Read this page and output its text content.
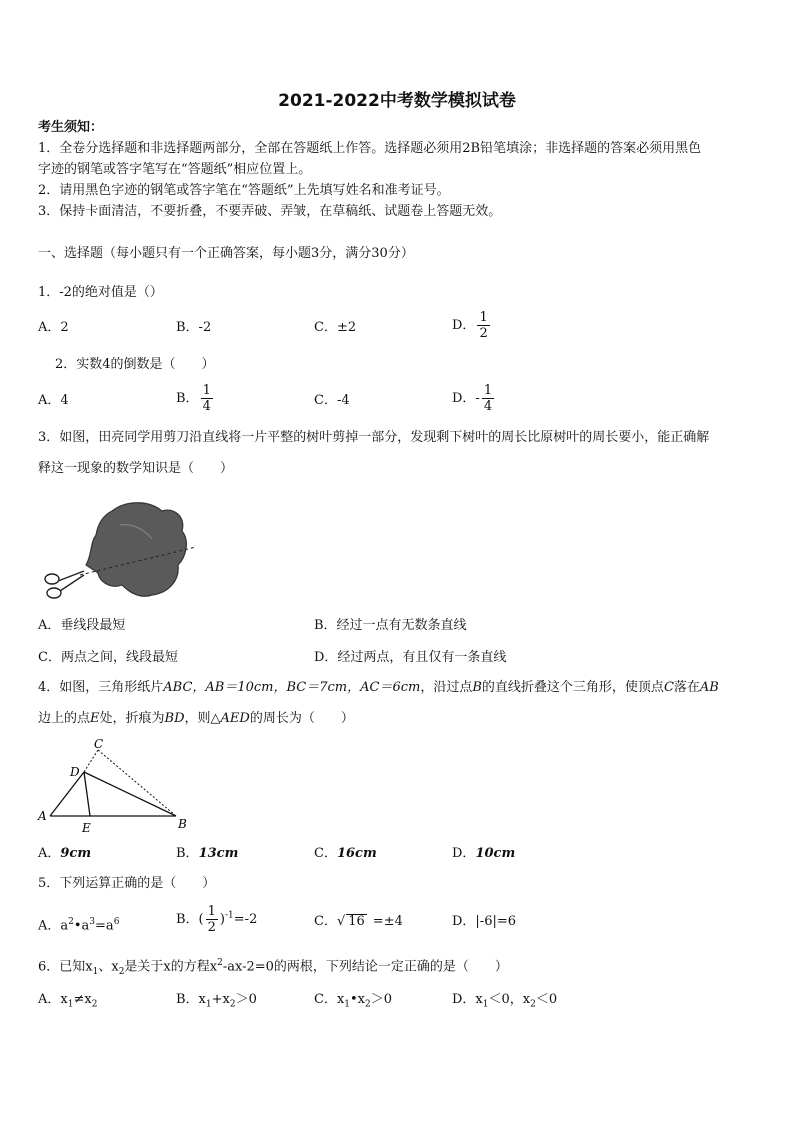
2021-2022中考数学模拟试卷
考生须知：
1．全卷分选择题和非选择题两部分，全部在答题纸上作答。选择题必须用2B铅笔填涂；非选择题的答案必须用黑色
字迹的钢笔或答字笔写在“答题纸”相应位置上。
2．请用黑色字迹的钢笔或答字笔在“答题纸”上先填写姓名和准考证号。
3．保持卡面清洁，不要折叠，不要弄破、弄皱，在草稿纸、试题卷上答题无效。
一、选择题（每小题只有一个正确答案，每小题3分，满分30分）
1．-2的绝对值是（）
A．2	B．-2	C．±2	D． $\frac{1}{2}$
2．实数4的倒数是（　　）
A．4	B． $\frac{1}{4}$	C．-4	D．- $\frac{1}{4}$
3．如图，田亮同学用剪刀沿直线将一片平整的树叶剪掉一部分，发现剩下树叶的周长比原树叶的周长要小，能正确解
释这一现象的数学知识是（　　）
A．垂线段最短	B．经过一点有无数条直线
C．两点之间，线段最短	D．经过两点，有且仅有一条直线
4．如图，三角形纸片ABC，AB＝10cm，BC＝7cm，AC＝6cm，沿过点B的直线折叠这个三角形，使顶点C落在AB
边上的点E处，折痕为BD，则△AED的周长为（　　）
A
B
C
D
E
A．9cm	B．13cm	C．16cm	D．10cm
5．下列运算正确的是（　　）
A．$a^2•a^3=a^6$	B．( $\frac{1}{2} )^{-1}=-2$	C．√ 16 =±4	D．|-6|=6
6．已知$x_1$、$x_2$是关于x的方程$x^2-ax-2=0$的两根，下列结论一定正确的是（　　）
A．$x_1\ne x_2$	B．$x_1+x_2>0$	C．$x_1•x_2>0$	D．$x_1<0$，$x_2<0$
